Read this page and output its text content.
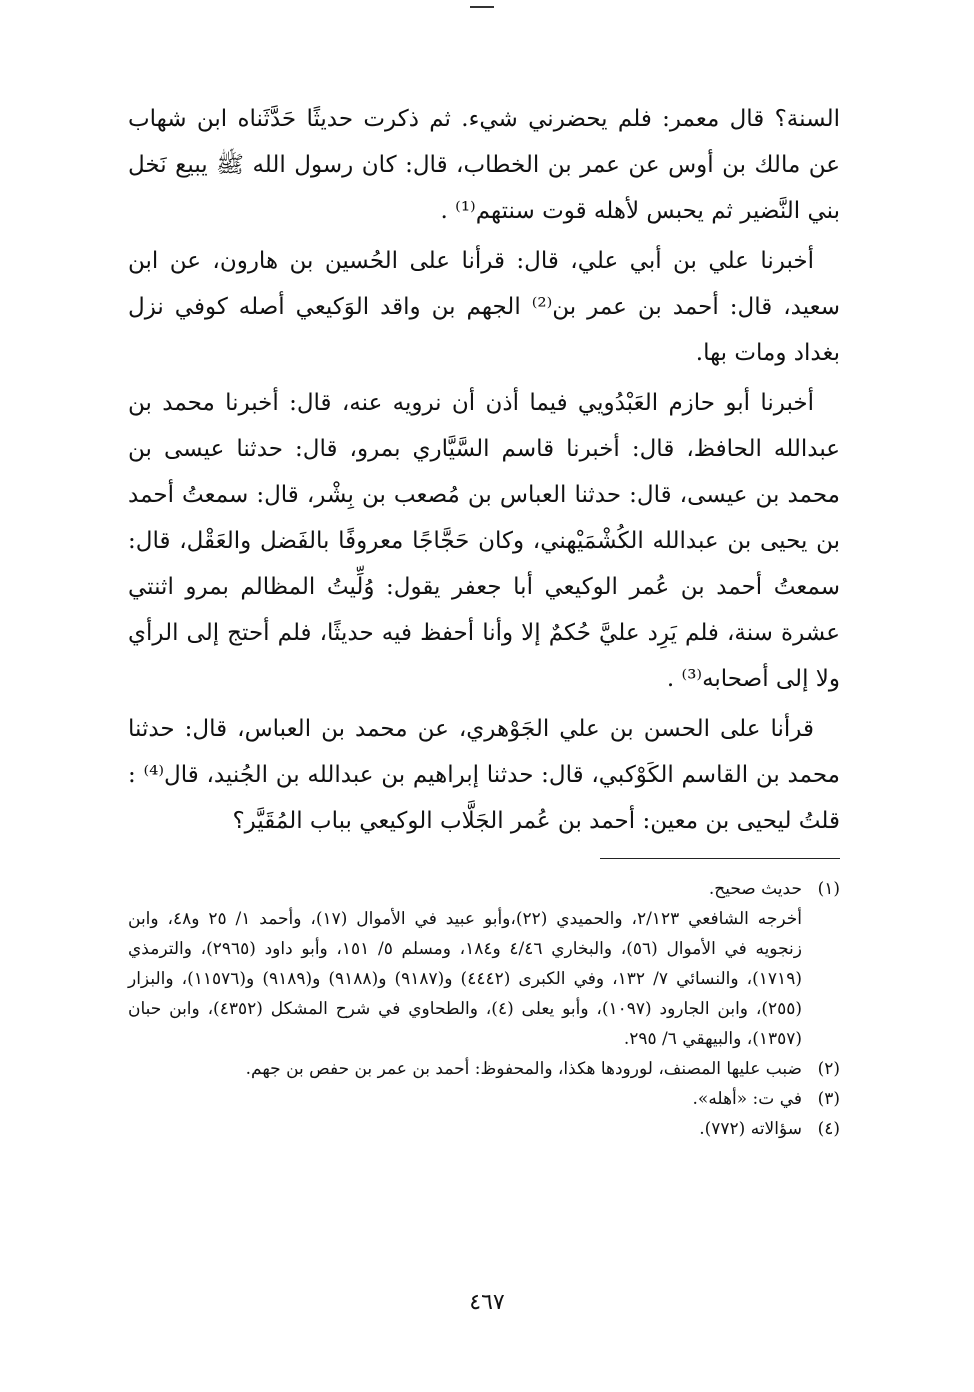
السنة؟ قال معمر: فلم يحضرني شيء. ثم ذكرت حديثًا حَدَّثَناه ابن شهاب عن مالك بن أوس عن عمر بن الخطاب، قال: كان رسول الله ﷺ يبيع نَخل بني النَّضير ثم يحبس لأهله قوت سنتهم⁽¹⁾ .

أخبرنا علي بن أبي علي، قال: قرأنا على الحُسين بن هارون، عن ابن سعيد، قال: أحمد بن عمر بن⁽²⁾ الجهم بن واقد الوَكيعي أصله كوفي نزل بغداد ومات بها.

أخبرنا أبو حازم العَبْدُويي فيما أذن أن نرويه عنه، قال: أخبرنا محمد بن عبدالله الحافظ، قال: أخبرنا قاسم السَّيَّاري بمرو، قال: حدثنا عيسى بن محمد بن عيسى، قال: حدثنا العباس بن مُصعب بن بِشْر، قال: سمعتُ أحمد بن يحيى بن عبدالله الكُشْمَيْهني، وكان حَجَّاجًا معروفًا بالفَضل والعَقْل، قال: سمعتُ أحمد بن عُمر الوكيعي أبا جعفر يقول: وُلِّيتُ المظالم بمرو اثنتي عشرة سنة، فلم يَرِد عليَّ حُكمٌ إلا وأنا أحفظ فيه حديثًا، فلم أحتج إلى الرأي ولا إلى أصحابه⁽³⁾ .

قرأنا على الحسن بن علي الجَوْهري، عن محمد بن العباس، قال: حدثنا محمد بن القاسم الكَوْكبي، قال: حدثنا إبراهيم بن عبدالله بن الجُنيد، قال⁽⁴⁾ : قلتُ ليحيى بن معين: أحمد بن عُمر الجَلَّاب الوكيعي بباب المُقَيَّر؟

(١)
حديث صحيح.
أخرجه الشافعي ٢/١٢٣، والحميدي (٢٢)،وأبو عبيد في الأموال (١٧)، وأحمد ١/ ٢٥ و٤٨، وابن زنجويه في الأموال (٥٦)، والبخاري ٤/٤٦ و١٨٤، ومسلم ٥/ ١٥١، وأبو داود (٢٩٦٥)، والترمذي (١٧١٩)، والنسائي ٧/ ١٣٢، وفي الكبرى (٤٤٤٢) و(٩١٨٧) و(٩١٨٨) و(٩١٨٩) و(١١٥٧٦)، والبزار (٢٥٥)، وابن الجارود (١٠٩٧)، وأبو يعلى (٤)، والطحاوي في شرح المشكل (٤٣٥٢)، وابن حبان (١٣٥٧)، والبيهقي ٦/ ٢٩٥.
(٢)
ضبب عليها المصنف، لورودها هكذا، والمحفوظ: أحمد بن عمر بن حفص بن جهم.
(٣)
في ت: «أهله».
(٤)
سؤالاته (٧٧٢).
٤٦٧
